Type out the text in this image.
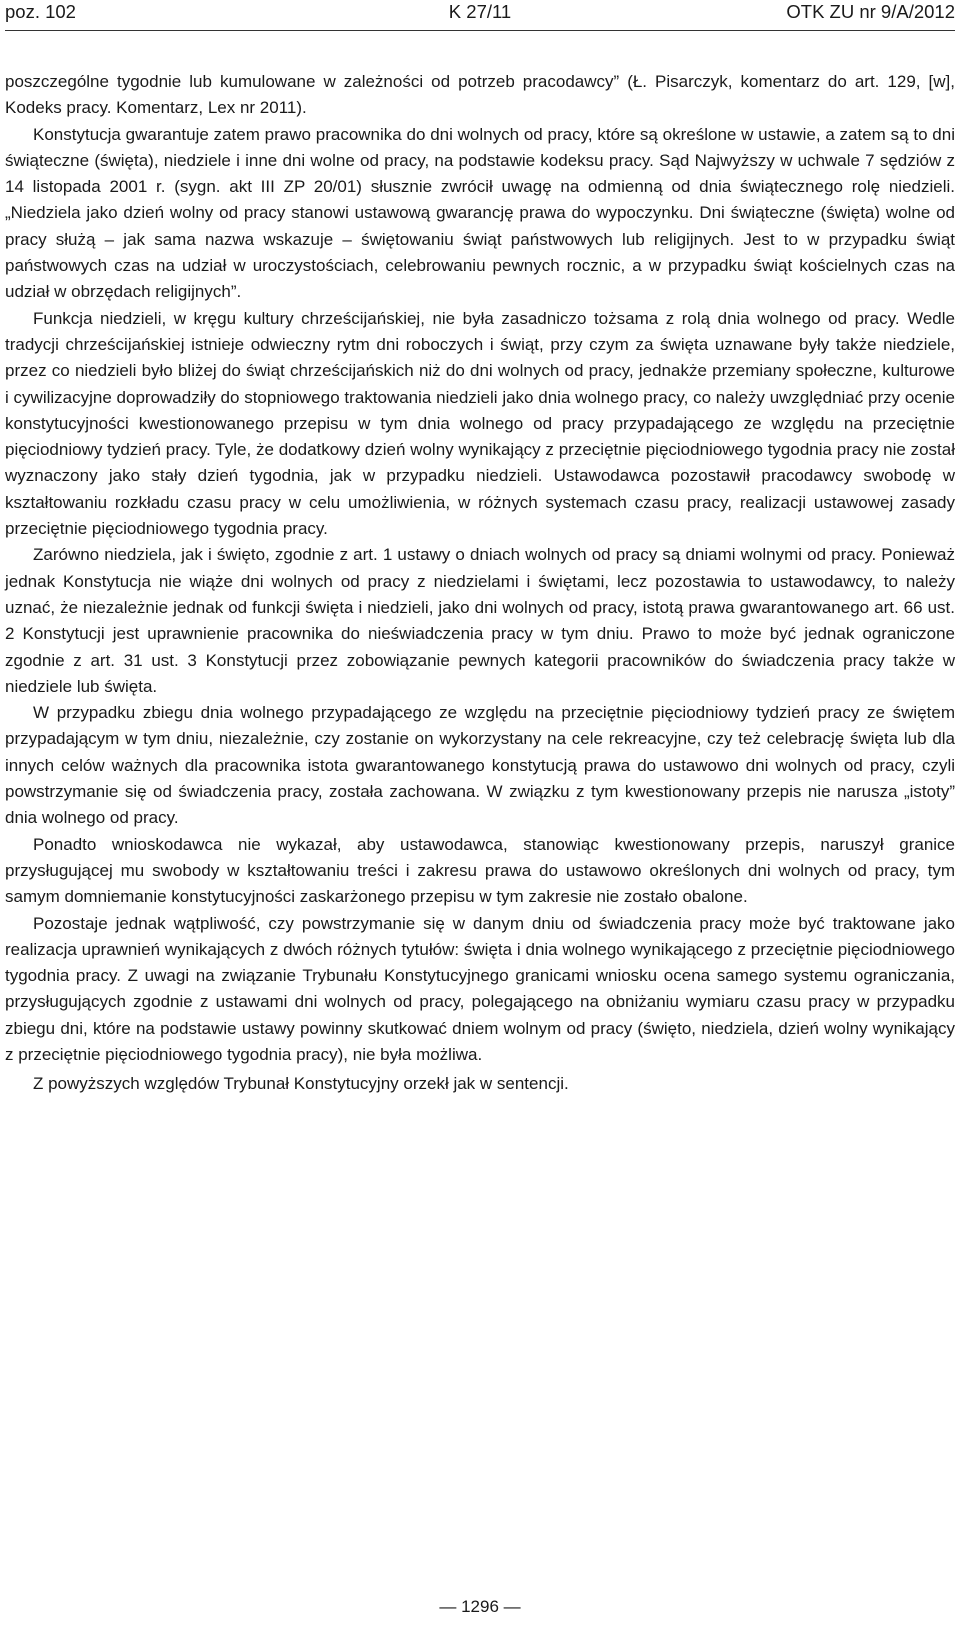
poz. 102	K 27/11	OTK ZU nr 9/A/2012

poszczególne tygodnie lub kumulowane w zależności od potrzeb pracodawcy” (Ł. Pisarczyk, komentarz do art. 129, [w], Kodeks pracy. Komentarz, Lex nr 2011).

Konstytucja gwarantuje zatem prawo pracownika do dni wolnych od pracy, które są określone w ustawie, a zatem są to dni świąteczne (święta), niedziele i inne dni wolne od pracy, na podstawie kodeksu pracy. Sąd Najwyższy w uchwale 7 sędziów z 14 listopada 2001 r. (sygn. akt III ZP 20/01) słusznie zwrócił uwagę na odmienną od dnia świątecznego rolę niedzieli. „Niedziela jako dzień wolny od pracy stanowi ustawową gwarancję prawa do wypoczynku. Dni świąteczne (święta) wolne od pracy służą – jak sama nazwa wskazuje – świętowaniu świąt państwowych lub religijnych. Jest to w przypadku świąt państwowych czas na udział w uroczystościach, celebrowaniu pewnych rocznic, a w przypadku świąt kościelnych czas na udział w obrzędach religijnych”.

Funkcja niedzieli, w kręgu kultury chrześcijańskiej, nie była zasadniczo tożsama z rolą dnia wolnego od pracy. Wedle tradycji chrześcijańskiej istnieje odwieczny rytm dni roboczych i świąt, przy czym za święta uznawane były także niedziele, przez co niedzieli było bliżej do świąt chrześcijańskich niż do dni wolnych od pracy, jednakże przemiany społeczne, kulturowe i cywilizacyjne doprowadziły do stopniowego traktowania niedzieli jako dnia wolnego pracy, co należy uwzględniać przy ocenie konstytucyjności kwestionowanego przepisu w tym dnia wolnego od pracy przypadającego ze względu na przeciętnie pięciodniowy tydzień pracy. Tyle, że dodatkowy dzień wolny wynikający z przeciętnie pięciodniowego tygodnia pracy nie został wyznaczony jako stały dzień tygodnia, jak w przypadku niedzieli. Ustawodawca pozostawił pracodawcy swobodę w kształtowaniu rozkładu czasu pracy w celu umożliwienia, w różnych systemach czasu pracy, realizacji ustawowej zasady przeciętnie pięciodniowego tygodnia pracy.

Zarówno niedziela, jak i święto, zgodnie z art. 1 ustawy o dniach wolnych od pracy są dniami wolnymi od pracy. Ponieważ jednak Konstytucja nie wiąże dni wolnych od pracy z niedzielami i świętami, lecz pozostawia to ustawodawcy, to należy uznać, że niezależnie jednak od funkcji święta i niedzieli, jako dni wolnych od pracy, istotą prawa gwarantowanego art. 66 ust. 2 Konstytucji jest uprawnienie pracownika do nieświadczenia pracy w tym dniu. Prawo to może być jednak ograniczone zgodnie z art. 31 ust. 3 Konstytucji przez zobowiązanie pewnych kategorii pracowników do świadczenia pracy także w niedziele lub święta.

W przypadku zbiegu dnia wolnego przypadającego ze względu na przeciętnie pięciodniowy tydzień pracy ze świętem przypadającym w tym dniu, niezależnie, czy zostanie on wykorzystany na cele rekreacyjne, czy też celebrację święta lub dla innych celów ważnych dla pracownika istota gwarantowanego konstytucją prawa do ustawowo dni wolnych od pracy, czyli powstrzymanie się od świadczenia pracy, została zachowana. W związku z tym kwestionowany przepis nie narusza „istoty” dnia wolnego od pracy.

Ponadto wnioskodawca nie wykazał, aby ustawodawca, stanowiąc kwestionowany przepis, naruszył granice przysługującej mu swobody w kształtowaniu treści i zakresu prawa do ustawowo określonych dni wolnych od pracy, tym samym domniemanie konstytucyjności zaskarżonego przepisu w tym zakresie nie zostało obalone.

Pozostaje jednak wątpliwość, czy powstrzymanie się w danym dniu od świadczenia pracy może być traktowane jako realizacja uprawnień wynikających z dwóch różnych tytułów: święta i dnia wolnego wynikającego z przeciętnie pięciodniowego tygodnia pracy. Z uwagi na związanie Trybunału Konstytucyjnego granicami wniosku ocena samego systemu ograniczania, przysługujących zgodnie z ustawami dni wolnych od pracy, polegającego na obniżaniu wymiaru czasu pracy w przypadku zbiegu dni, które na podstawie ustawy powinny skutkować dniem wolnym od pracy (święto, niedziela, dzień wolny wynikający z przeciętnie pięciodniowego tygodnia pracy), nie była możliwa.

Z powyższych względów Trybunał Konstytucyjny orzekł jak w sentencji.
— 1296 —
